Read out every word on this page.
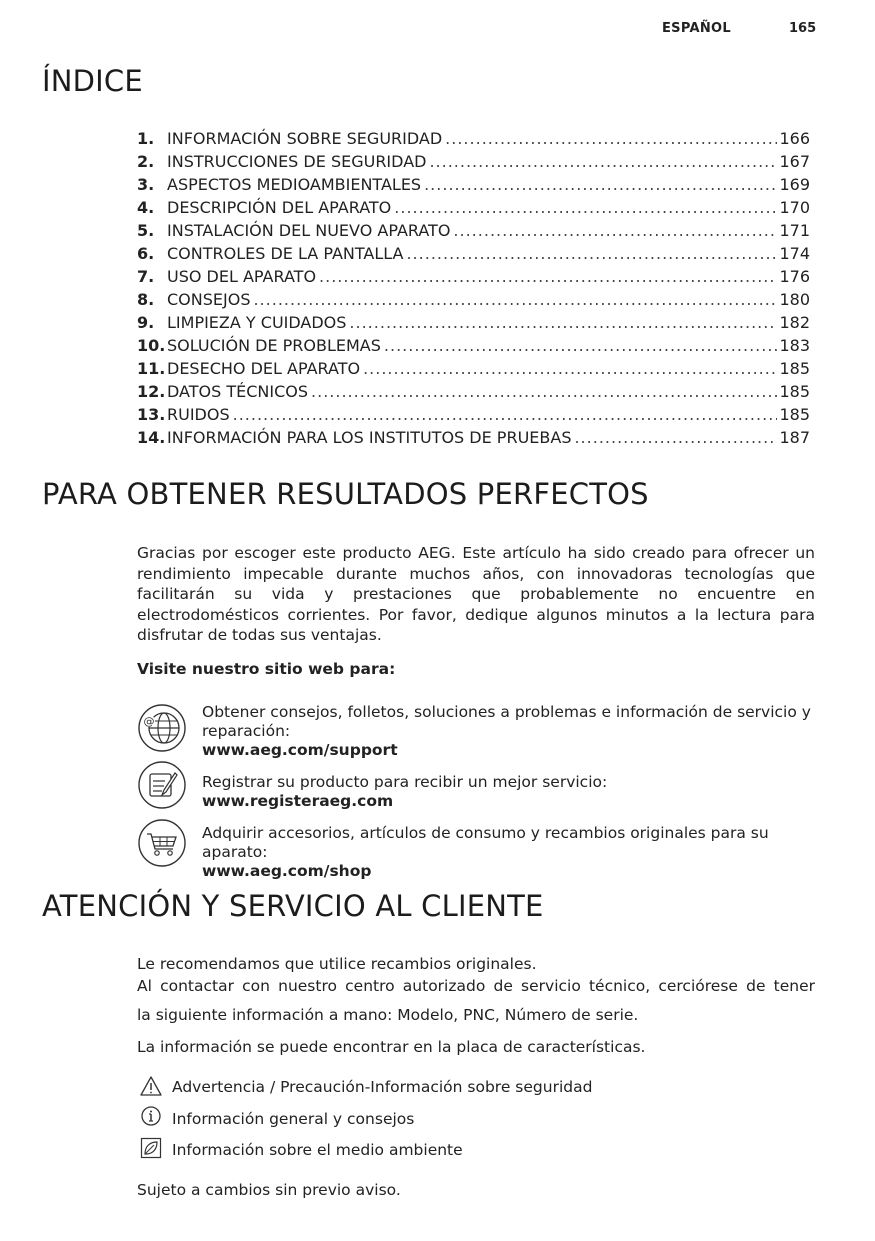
ESPAÑOL	165
ÍNDICE
1. INFORMACIÓN SOBRE SEGURIDAD .....	166
2. INSTRUCCIONES DE SEGURIDAD .....	167
3. ASPECTOS MEDIOAMBIENTALES .....	169
4. DESCRIPCIÓN DEL APARATO .....	170
5. INSTALACIÓN DEL NUEVO APARATO .....	171
6. CONTROLES DE LA PANTALLA .....	174
7. USO DEL APARATO .....	176
8. CONSEJOS .....	180
9. LIMPIEZA Y CUIDADOS .....	182
10. SOLUCIÓN DE PROBLEMAS .....	183
11. DESECHO DEL APARATO .....	185
12. DATOS TÉCNICOS .....	185
13. RUIDOS .....	185
14. INFORMACIÓN PARA LOS INSTITUTOS DE PRUEBAS .....	187
PARA OBTENER RESULTADOS PERFECTOS

Gracias por escoger este producto AEG. Este artículo ha sido creado para ofrecer un rendimiento impecable durante muchos años, con innovadoras tecnologías que facilitarán su vida y prestaciones que probablemente no encuentre en electrodomésticos corrientes. Por favor, dedique algunos minutos a la lectura para disfrutar de todas sus ventajas.

Visite nuestro sitio web para:
@
Obtener consejos, folletos, soluciones a problemas e información de servicio y reparación:
www.aeg.com/support
Registrar su producto para recibir un mejor servicio:
www.registeraeg.com
Adquirir accesorios, artículos de consumo y recambios originales para su aparato:
www.aeg.com/shop
ATENCIÓN Y SERVICIO AL CLIENTE
Le recomendamos que utilice recambios originales.
Al contactar con nuestro centro autorizado de servicio técnico, cerciórese de tener
la siguiente información a mano: Modelo, PNC, Número de serie.
La información se puede encontrar en la placa de características.
Advertencia / Precaución-Información sobre seguridad
Información general y consejos
Información sobre el medio ambiente
Sujeto a cambios sin previo aviso.
